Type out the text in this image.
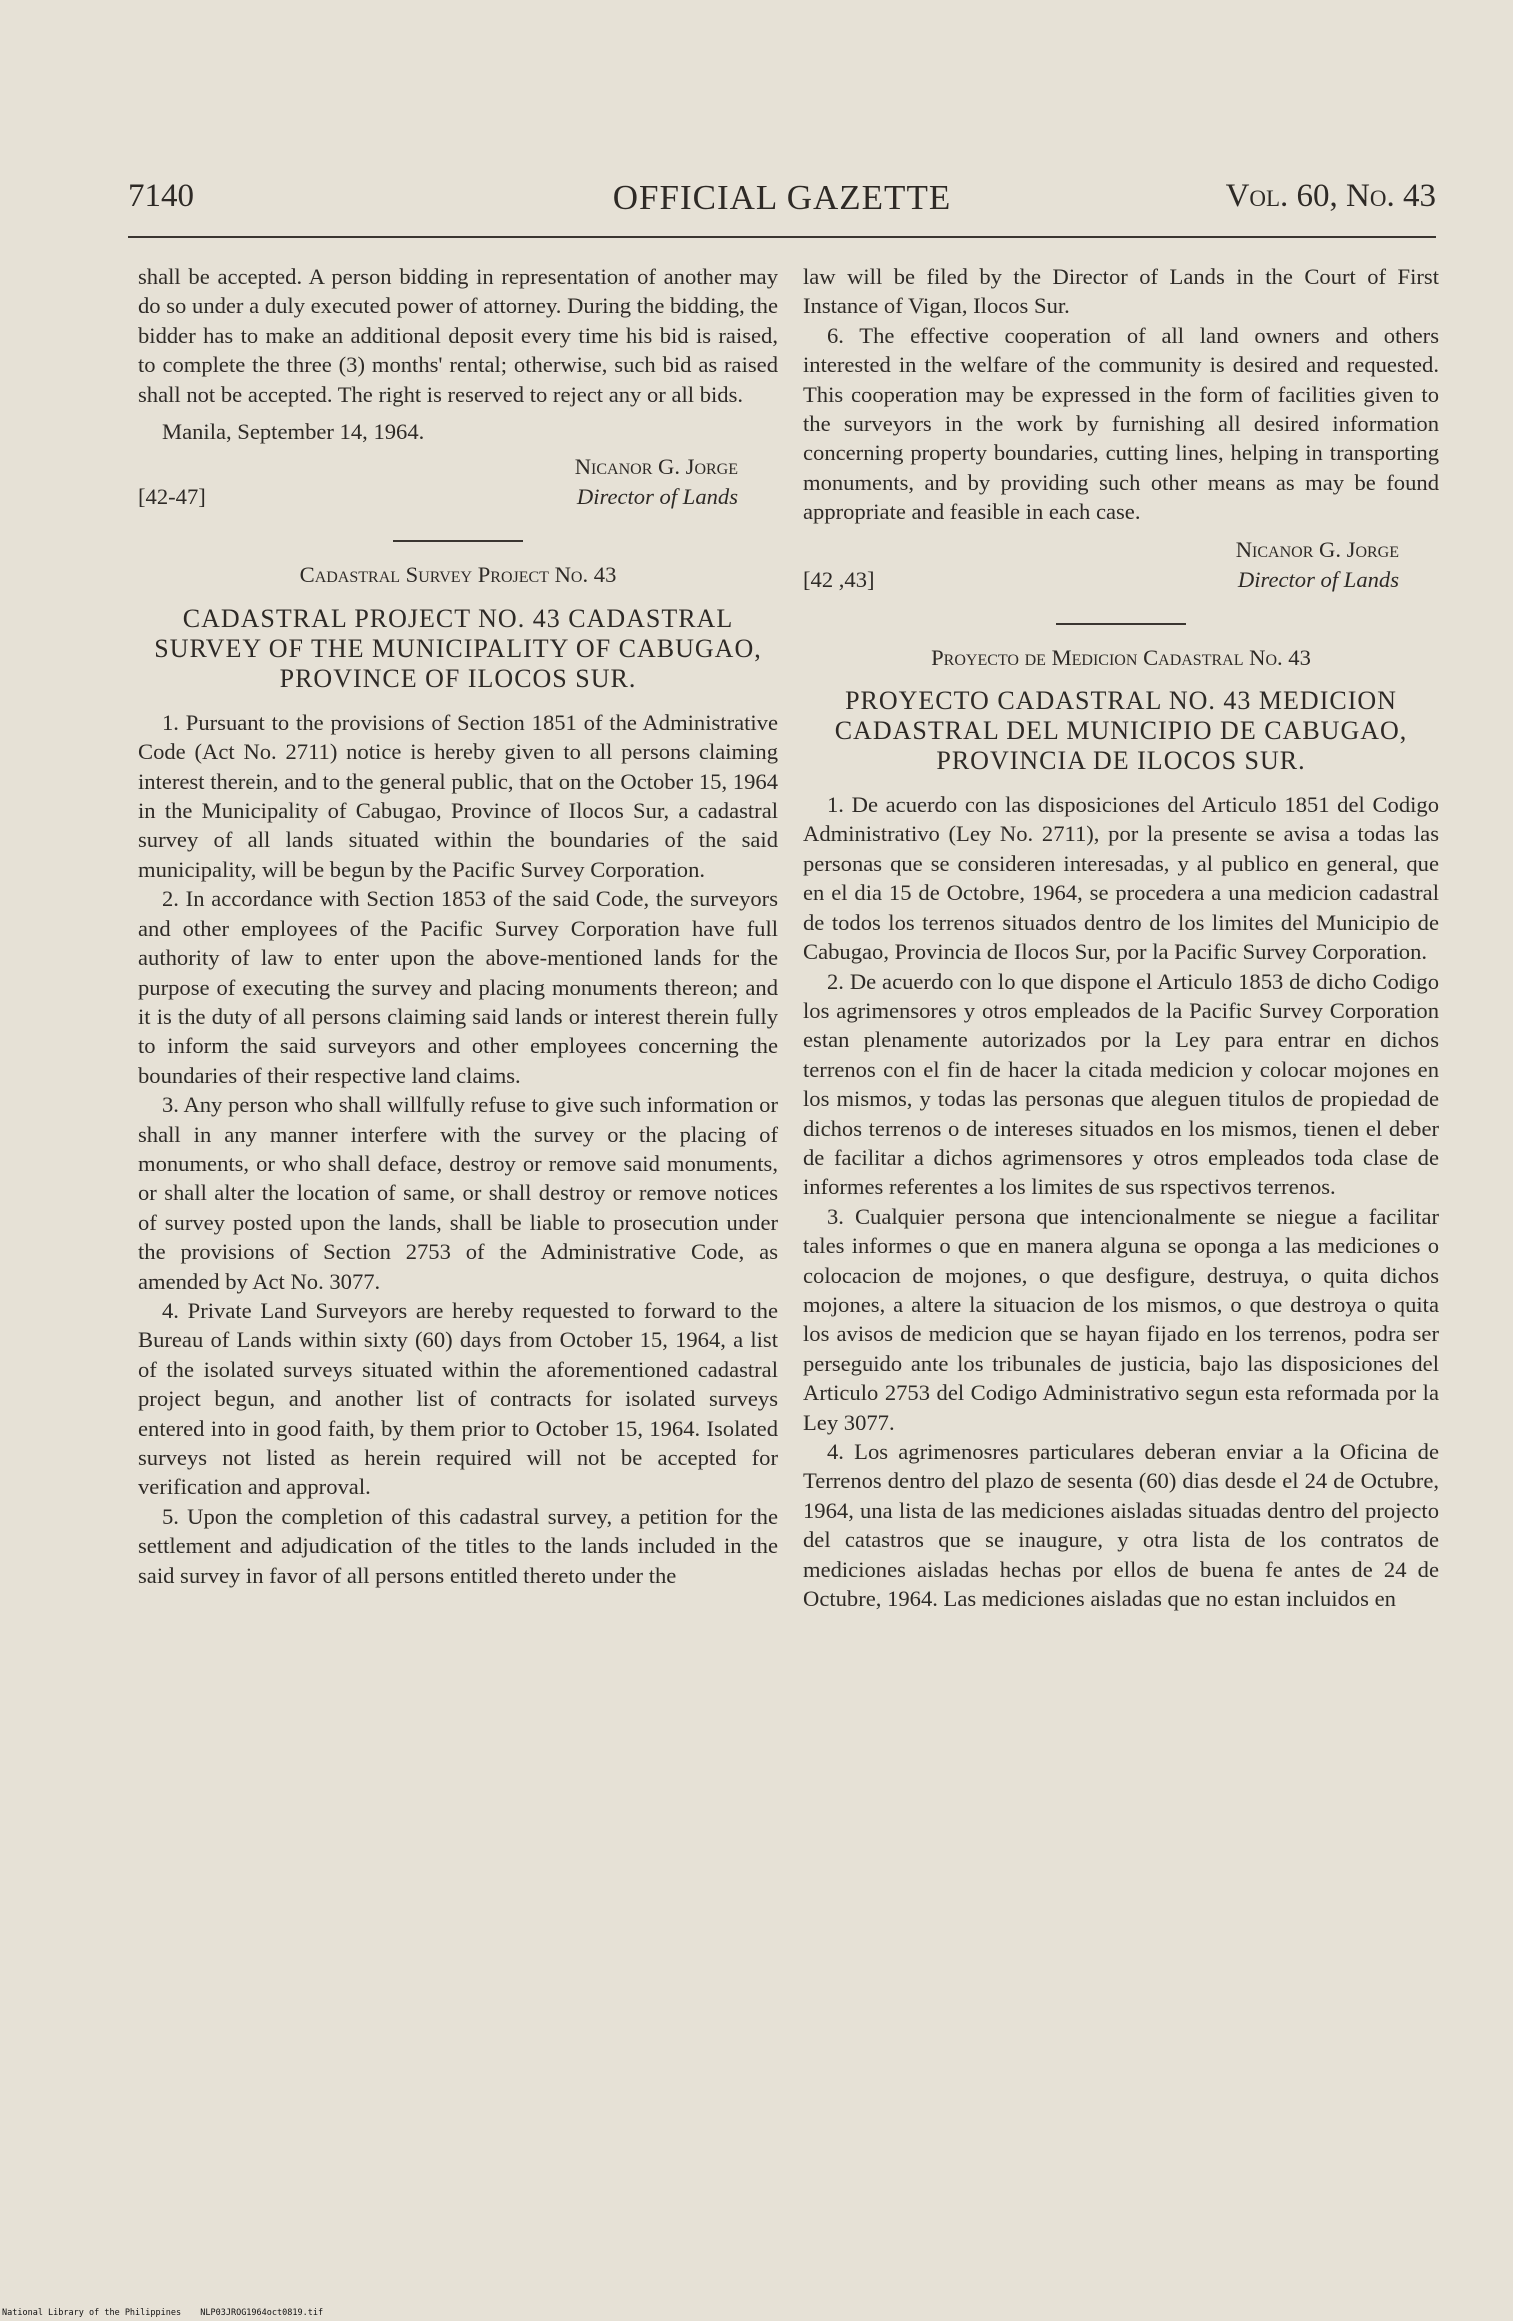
7140	OFFICIAL GAZETTE	Vol. 60, No. 43

shall be accepted. A person bidding in representation of another may do so under a duly executed power of attorney. During the bidding, the bidder has to make an additional deposit every time his bid is raised, to complete the three (3) months' rental; otherwise, such bid as raised shall not be accepted. The right is reserved to reject any or all bids.

Manila, September 14, 1964.

Nicanor G. Jorge
Director of Lands
[42-47]
Cadastral Survey Project No. 43
CADASTRAL PROJECT NO. 43 CADASTRAL SURVEY OF THE MUNICIPALITY OF CABUGAO, PROVINCE OF ILOCOS SUR.

1. Pursuant to the provisions of Section 1851 of the Administrative Code (Act No. 2711) notice is hereby given to all persons claiming interest therein, and to the general public, that on the October 15, 1964 in the Municipality of Cabugao, Province of Ilocos Sur, a cadastral survey of all lands situated within the boundaries of the said municipality, will be begun by the Pacific Survey Corporation.

2. In accordance with Section 1853 of the said Code, the surveyors and other employees of the Pacific Survey Corporation have full authority of law to enter upon the above-mentioned lands for the purpose of executing the survey and placing monuments thereon; and it is the duty of all persons claiming said lands or interest therein fully to inform the said surveyors and other employees concerning the boundaries of their respective land claims.

3. Any person who shall willfully refuse to give such information or shall in any manner interfere with the survey or the placing of monuments, or who shall deface, destroy or remove said monuments, or shall alter the location of same, or shall destroy or remove notices of survey posted upon the lands, shall be liable to prosecution under the provisions of Section 2753 of the Administrative Code, as amended by Act No. 3077.

4. Private Land Surveyors are hereby requested to forward to the Bureau of Lands within sixty (60) days from October 15, 1964, a list of the isolated surveys situated within the aforementioned cadastral project begun, and another list of contracts for isolated surveys entered into in good faith, by them prior to October 15, 1964. Isolated surveys not listed as herein required will not be accepted for verification and approval.

5. Upon the completion of this cadastral survey, a petition for the settlement and adjudication of the titles to the lands included in the said survey in favor of all persons entitled thereto under the

law will be filed by the Director of Lands in the Court of First Instance of Vigan, Ilocos Sur.

6. The effective cooperation of all land owners and others interested in the welfare of the community is desired and requested. This cooperation may be expressed in the form of facilities given to the surveyors in the work by furnishing all desired information concerning property boundaries, cutting lines, helping in transporting monuments, and by providing such other means as may be found appropriate and feasible in each case.

Nicanor G. Jorge
Director of Lands
[42 ,43]
Proyecto de Medicion Cadastral No. 43
PROYECTO CADASTRAL NO. 43 MEDICION CADASTRAL DEL MUNICIPIO DE CABUGAO, PROVINCIA DE ILOCOS SUR.

1. De acuerdo con las disposiciones del Articulo 1851 del Codigo Administrativo (Ley No. 2711), por la presente se avisa a todas las personas que se consideren interesadas, y al publico en general, que en el dia 15 de Octobre, 1964, se procedera a una medicion cadastral de todos los terrenos situados dentro de los limites del Municipio de Cabugao, Provincia de Ilocos Sur, por la Pacific Survey Corporation.

2. De acuerdo con lo que dispone el Articulo 1853 de dicho Codigo los agrimensores y otros empleados de la Pacific Survey Corporation estan plenamente autorizados por la Ley para entrar en dichos terrenos con el fin de hacer la citada medicion y colocar mojones en los mismos, y todas las personas que aleguen titulos de propiedad de dichos terrenos o de intereses situados en los mismos, tienen el deber de facilitar a dichos agrimensores y otros empleados toda clase de informes referentes a los limites de sus rspectivos terrenos.

3. Cualquier persona que intencionalmente se niegue a facilitar tales informes o que en manera alguna se oponga a las mediciones o colocacion de mojones, o que desfigure, destruya, o quita dichos mojones, a altere la situacion de los mismos, o que destroya o quita los avisos de medicion que se hayan fijado en los terrenos, podra ser perseguido ante los tribunales de justicia, bajo las disposiciones del Articulo 2753 del Codigo Administrativo segun esta reformada por la Ley 3077.

4. Los agrimenosres particulares deberan enviar a la Oficina de Terrenos dentro del plazo de sesenta (60) dias desde el 24 de Octubre, 1964, una lista de las mediciones aisladas situadas dentro del projecto del catastros que se inaugure, y otra lista de los contratos de mediciones aisladas hechas por ellos de buena fe antes de 24 de Octubre, 1964. Las mediciones aisladas que no estan incluidos en

National Library of the Philippines NLP03JROG1964oct0819.tif
